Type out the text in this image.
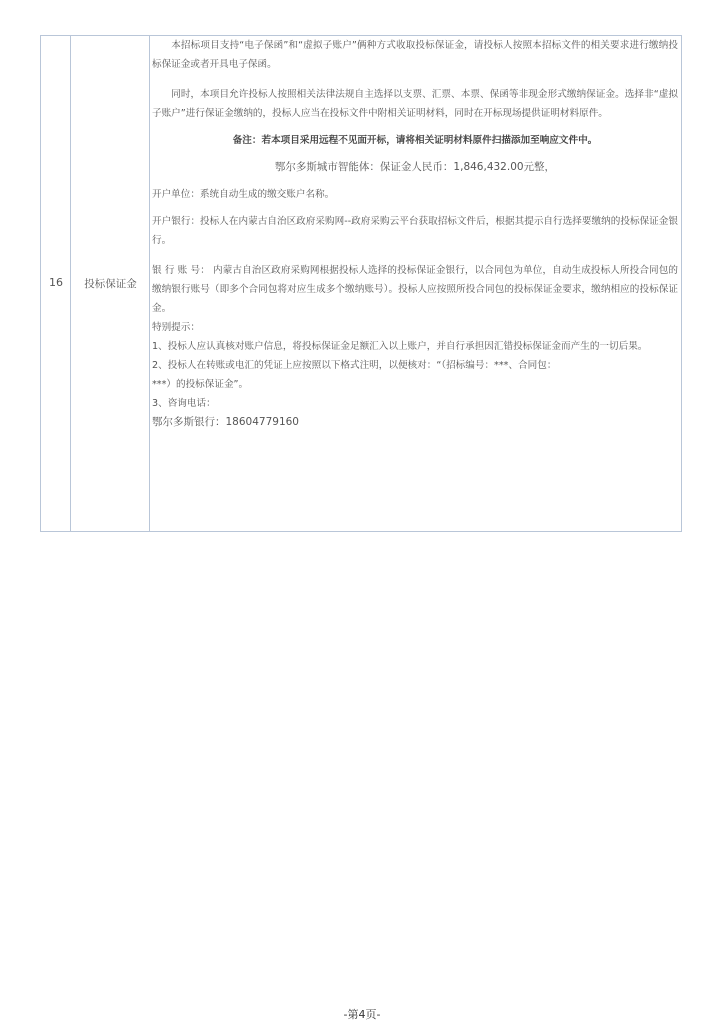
16	投标保证金

本招标项目支持“电子保函”和“虚拟子账户”俩种方式收取投标保证金，请投标人按照本招标文件的相关要求进行缴纳投标保证金或者开具电子保函。

同时，本项目允许投标人按照相关法律法规自主选择以支票、汇票、本票、保函等非现金形式缴纳保证金。选择非“虚拟子账户”进行保证金缴纳的，投标人应当在投标文件中附相关证明材料，同时在开标现场提供证明材料原件。

备注：若本项目采用远程不见面开标，请将相关证明材料原件扫描添加至响应文件中。

鄂尔多斯城市智能体：保证金人民币：1,846,432.00元整，

开户单位：系统自动生成的缴交账户名称。

开户银行：投标人在内蒙古自治区政府采购网--政府采购云平台获取招标文件后，根据其提示自行选择要缴纳的投标保证金银行。

银 行 账 号： 内蒙古自治区政府采购网根据投标人选择的投标保证金银行，以合同包为单位，自动生成投标人所投合同包的缴纳银行账号（即多个合同包将对应生成多个缴纳账号）。投标人应按照所投合同包的投标保证金要求，缴纳相应的投标保证金。

特别提示：

1、投标人应认真核对账户信息，将投标保证金足额汇入以上账户，并自行承担因汇错投标保证金而产生的一切后果。

2、投标人在转账或电汇的凭证上应按照以下格式注明，以便核对：“（招标编号：***、合同包：

***）的投标保证金”。

3、咨询电话：

鄂尔多斯银行：18604779160

-第4页-
